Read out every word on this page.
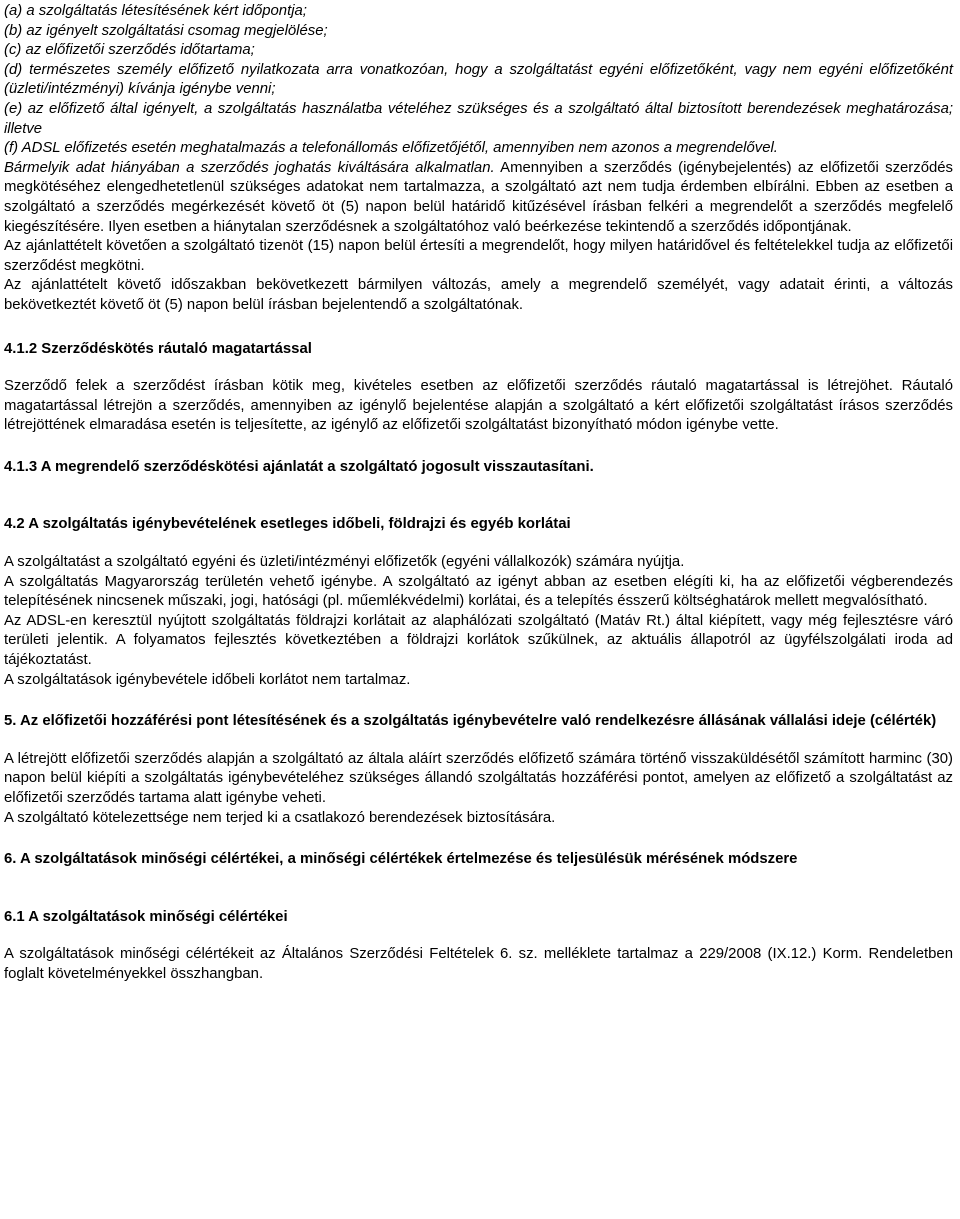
(a) a szolgáltatás létesítésének kért időpontja;

(b) az igényelt szolgáltatási csomag megjelölése;

(c) az előfizetői szerződés időtartama;

(d) természetes személy előfizető nyilatkozata arra vonatkozóan, hogy a szolgáltatást egyéni előfizetőként, vagy nem egyéni előfizetőként (üzleti/intézményi) kívánja igénybe venni;

(e) az előfizető által igényelt, a szolgáltatás használatba vételéhez szükséges és a szolgáltató által biztosított berendezések meghatározása; illetve

(f) ADSL előfizetés esetén meghatalmazás a telefonállomás előfizetőjétől, amennyiben nem azonos a megrendelővel.

Bármelyik adat hiányában a szerződés joghatás kiváltására alkalmatlan. Amennyiben a szerződés (igénybejelentés) az előfizetői szerződés megkötéséhez elengedhetetlenül szükséges adatokat nem tartalmazza, a szolgáltató azt nem tudja érdemben elbírálni. Ebben az esetben a szolgáltató a szerződés megérkezését követő öt (5) napon belül határidő kitűzésével írásban felkéri a megrendelőt a szerződés megfelelő kiegészítésére. Ilyen esetben a hiánytalan szerződésnek a szolgáltatóhoz való beérkezése tekintendő a szerződés időpontjának.

Az ajánlattételt követően a szolgáltató tizenöt (15) napon belül értesíti a megrendelőt, hogy milyen határidővel és feltételekkel tudja az előfizetői szerződést megkötni.

Az ajánlattételt követő időszakban bekövetkezett bármilyen változás, amely a megrendelő személyét, vagy adatait érinti, a változás bekövetkeztét követő öt (5) napon belül írásban bejelentendő a szolgáltatónak.

4.1.2 Szerződéskötés ráutaló magatartással

Szerződő felek a szerződést írásban kötik meg, kivételes esetben az előfizetői szerződés ráutaló magatartással is létrejöhet. Ráutaló magatartással létrejön a szerződés, amennyiben az igénylő bejelentése alapján a szolgáltató a kért előfizetői szolgáltatást írásos szerződés létrejöttének elmaradása esetén is teljesítette, az igénylő az előfizetői szolgáltatást bizonyítható módon igénybe vette.

4.1.3 A megrendelő szerződéskötési ajánlatát a szolgáltató jogosult visszautasítani.
4.2 A szolgáltatás igénybevételének esetleges időbeli, földrajzi és egyéb korlátai

A szolgáltatást a szolgáltató egyéni és üzleti/intézményi előfizetők (egyéni vállalkozók) számára nyújtja.

A szolgáltatás Magyarország területén vehető igénybe. A szolgáltató az igényt abban az esetben elégíti ki, ha az előfizetői végberendezés telepítésének nincsenek műszaki, jogi, hatósági (pl. műemlékvédelmi) korlátai, és a telepítés ésszerű költséghatárok mellett megvalósítható.

Az ADSL-en keresztül nyújtott szolgáltatás földrajzi korlátait az alaphálózati szolgáltató (Matáv Rt.) által kiépített, vagy még fejlesztésre váró területi jelentik. A folyamatos fejlesztés következtében a földrajzi korlátok szűkülnek, az aktuális állapotról az ügyfélszolgálati iroda ad tájékoztatást.

A szolgáltatások igénybevétele időbeli korlátot nem tartalmaz.

5. Az előfizetői hozzáférési pont létesítésének és a szolgáltatás igénybevételre való rendelkezésre állásának vállalási ideje (célérték)

A létrejött előfizetői szerződés alapján a szolgáltató az általa aláírt szerződés előfizető számára történő visszaküldésétől számított harminc (30) napon belül kiépíti a szolgáltatás igénybevételéhez szükséges állandó szolgáltatás hozzáférési pontot, amelyen az előfizető a szolgáltatást az előfizetői szerződés tartama alatt igénybe veheti.

A szolgáltató kötelezettsége nem terjed ki a csatlakozó berendezések biztosítására.

6. A szolgáltatások minőségi célértékei, a minőségi célértékek értelmezése és teljesülésük mérésének módszere
6.1 A szolgáltatások minőségi célértékei

A szolgáltatások minőségi célértékeit az Általános Szerződési Feltételek 6. sz. melléklete tartalmaz a 229/2008 (IX.12.) Korm. Rendeletben foglalt követelményekkel összhangban.
